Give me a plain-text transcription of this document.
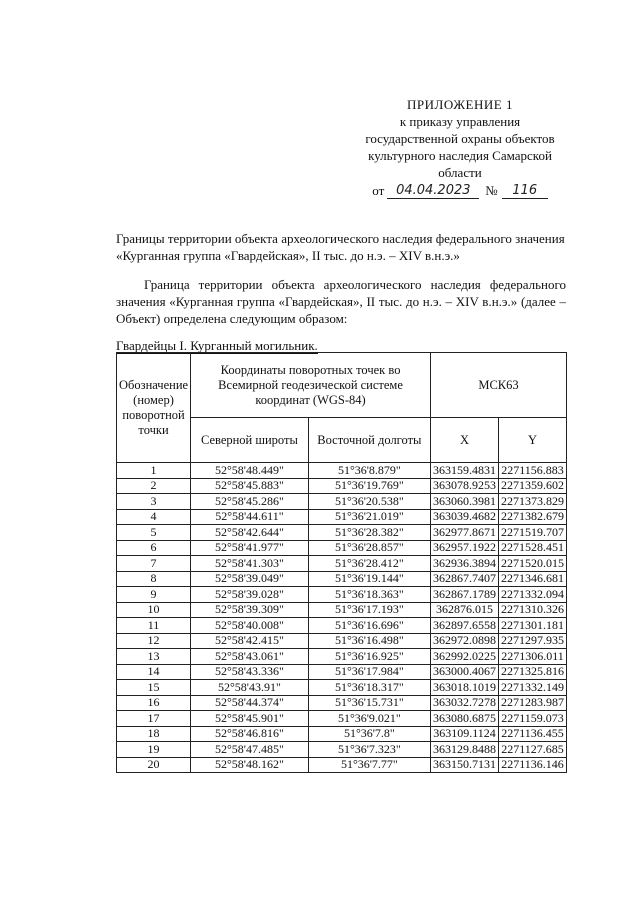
ПРИЛОЖЕНИЕ 1
к приказу управления
государственной охраны объектов
культурного наследия Самарской
области
от 04.04.2023	№	116
Границы территории объекта археологического наследия федерального значения «Курганная группа «Гвардейская», II тыс. до н.э. – XIV в.н.э.»
Граница территории объекта археологического наследия федерального значения «Курганная группа «Гвардейская», II тыс. до н.э. – XIV в.н.э.» (далее – Объект) определена следующим образом:
Гвардейцы I. Курганный могильник.
Обозначение (номер) поворотной точки	Координаты поворотных точек во Всемирной геодезической системе координат (WGS-84)		МСК63	
	Северной широты	Восточной долготы	X	Y
1	52°58'48.449"	51°36'8.879"	363159.4831	2271156.883
2	52°58'45.883"	51°36'19.769"	363078.9253	2271359.602
3	52°58'45.286"	51°36'20.538"	363060.3981	2271373.829
4	52°58'44.611"	51°36'21.019"	363039.4682	2271382.679
5	52°58'42.644"	51°36'28.382"	362977.8671	2271519.707
6	52°58'41.977"	51°36'28.857"	362957.1922	2271528.451
7	52°58'41.303"	51°36'28.412"	362936.3894	2271520.015
8	52°58'39.049"	51°36'19.144"	362867.7407	2271346.681
9	52°58'39.028"	51°36'18.363"	362867.1789	2271332.094
10	52°58'39.309"	51°36'17.193"	362876.015	2271310.326
11	52°58'40.008"	51°36'16.696"	362897.6558	2271301.181
12	52°58'42.415"	51°36'16.498"	362972.0898	2271297.935
13	52°58'43.061"	51°36'16.925"	362992.0225	2271306.011
14	52°58'43.336"	51°36'17.984"	363000.4067	2271325.816
15	52°58'43.91"	51°36'18.317"	363018.1019	2271332.149
16	52°58'44.374"	51°36'15.731"	363032.7278	2271283.987
17	52°58'45.901"	51°36'9.021"	363080.6875	2271159.073
18	52°58'46.816"	51°36'7.8"	363109.1124	2271136.455
19	52°58'47.485"	51°36'7.323"	363129.8488	2271127.685
20	52°58'48.162"	51°36'7.77"	363150.7131	2271136.146
